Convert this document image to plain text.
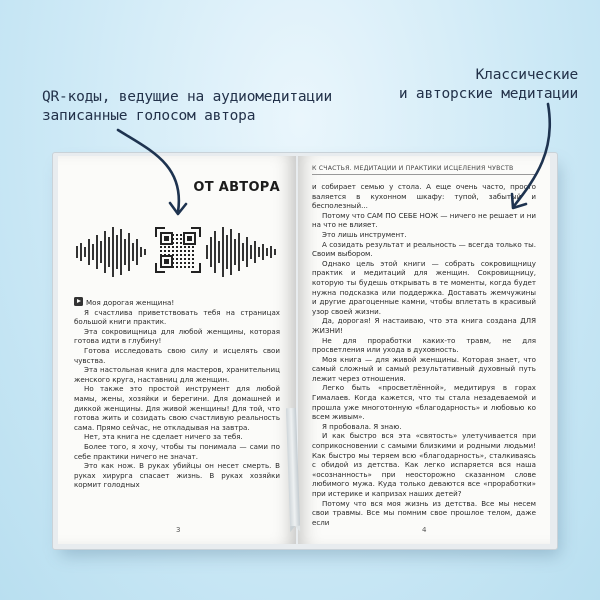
QR-коды, ведущие на аудиомедитации
записанные голосом автора
Классические
и авторские медитации
ОТ АВТОРА

Моя дорогая женщина!

Я счастлива приветствовать тебя на страницах большой книги практик.

Эта сокровищница для любой женщины, которая готова идти в глубину!

Готова исследовать свою силу и исцелять свои чувства.

Эта настольная книга для мастеров, хранительниц женского круга, наставниц для женщин.

Но также это простой инструмент для любой мамы, жены, хозяйки и берегини. Для домашней и диккой женщины. Для живой женщины! Для той, что готова жить и созидать свою счастливую реальность сама. Прямо сейчас, не откладывая на завтра.

Нет, эта книга не сделает ничего за тебя.

Более того, я хочу, чтобы ты понимала — сами по себе практики ничего не значат.

Это как нож. В руках убийцы он несет смерть. В руках хирурга спасает жизнь. В руках хозяйки кормит голодных

3
К СЧАСТЬЯ. МЕДИТАЦИИ И ПРАКТИКИ ИСЦЕЛЕНИЯ ЧУВСТВ

и собирает семью у стола. А еще очень часто, просто валяется в кухонном шкафу: тупой, забытый и бесполезный...

Потому что САМ ПО СЕБЕ НОЖ — ничего не решает и ни на что не влияет.

Это лишь инструмент.

А созидать результат и реальность — всегда только ты. Своим выбором.

Однако цель этой книги — собрать сокровищницу практик и медитаций для женщин. Сокровищницу, которую ты будешь открывать в те моменты, когда будет нужна подсказка или поддержка. Доставать жемчужины и другие драгоценные камни, чтобы вплетать в красивый узор своей жизни.

Да, дорогая! Я настаиваю, что эта книга создана ДЛЯ ЖИЗНИ!

Не для проработки каких-то травм, не для просветления или ухода в духовность.

Моя книга — для живой женщины. Которая знает, что самый сложный и самый результативный духовный путь лежит через отношения.

Легко быть «просветлённой», медитируя в горах Гималаев. Когда кажется, что ты стала незадеваемой и прошла уже многотонную «благодарность» и любовью ко всем живым».

Я пробовала. Я знаю.

И как быстро вся эта «святость» улетучивается при соприкосновении с самыми близкими и родными людьми! Как быстро мы теряем всю «благодарность», сталкиваясь с обидой из детства. Как легко испаряется вся наша «осознанность» при неосторожно сказанном слове любимого мужа. Куда только деваются все «проработки» при истерике и капризах наших детей?

Потому что вся моя жизнь из детства. Все мы несем свои травмы. Все мы помним свое прошлое телом, даже если

4
